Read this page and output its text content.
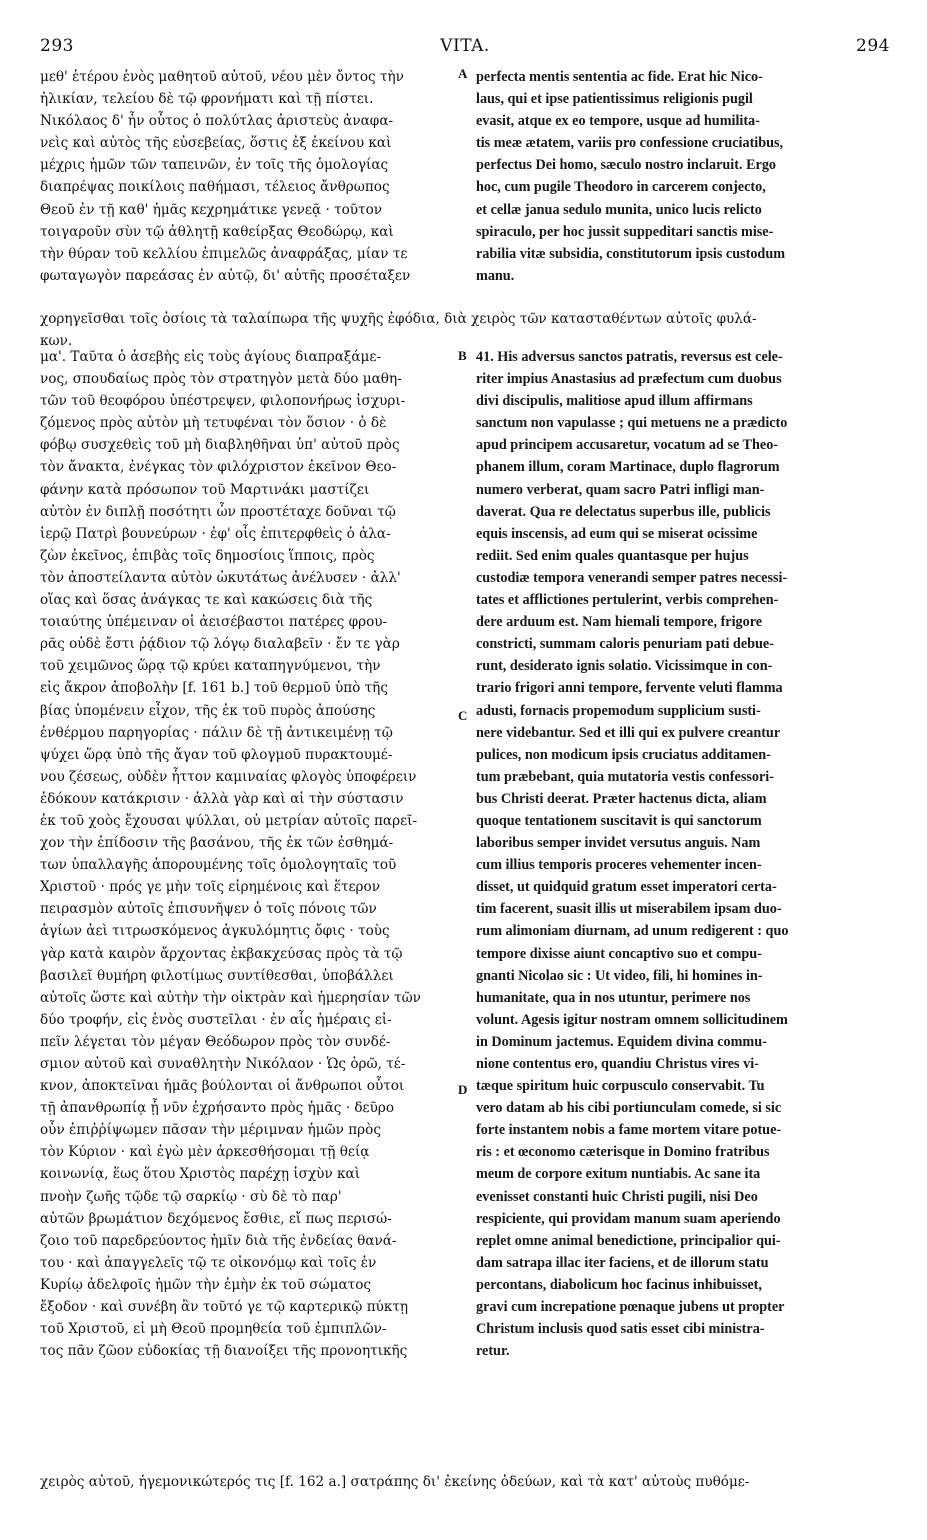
293	VITA.	294
μεθ' ἑτέρου ἑνὸς μαθητοῦ αὐτοῦ, νέου μὲν ὄντος τὴν
ἡλικίαν, τελείου δὲ τῷ φρονήματι καὶ τῇ πίστει.
Νικόλαος δ' ἦν οὗτος ὁ πολύτλας ἀριστεὺς ἀναφα-
νεὶς καὶ αὐτὸς τῆς εὐσεβείας, ὅστις ἐξ ἐκείνου καὶ
μέχρις ἡμῶν τῶν ταπεινῶν, ἐν τοῖς τῆς ὁμολογίας
διαπρέψας ποικίλοις παθήμασι, τέλειος ἄνθρωπος
Θεοῦ ἐν τῇ καθ' ἡμᾶς κεχρημάτικε γενεᾷ · τοῦτον
τοιγαροῦν σὺν τῷ ἀθλητῇ καθείρξας Θεοδώρῳ, καὶ
τὴν θύραν τοῦ κελλίου ἐπιμελῶς ἀναφράξας, μίαν τε
φωταγωγὸν παρεάσας ἐν αὐτῷ, δι' αὐτῆς προσέταξεν
perfecta mentis sententia ac fide. Erat hic Nico-
laus, qui et ipse patientissimus religionis pugil
evasit, atque ex eo tempore, usque ad humilita-
tis meæ ætatem, variis pro confessione cruciatibus,
perfectus Dei homo, sæculo nostro inclaruit. Ergo
hoc, cum pugile Theodoro in carcerem conjecto,
et cellæ janua sedulo munita, unico lucis relicto
spiraculo, per hoc jussit suppeditari sanctis mise-
rabilia vitæ subsidia, constitutorum ipsis custodum
manu.
χορηγεῖσθαι τοῖς ὁσίοις τὰ ταλαίπωρα τῆς ψυχῆς ἐφόδια, διὰ χειρὸς τῶν κατασταθέντων αὐτοῖς φυλά-
κων.
μα'. Ταῦτα ὁ ἀσεβὴς εἰς τοὺς ἁγίους διαπραξάμε-
νος, σπουδαίως πρὸς τὸν στρατηγὸν μετὰ δύο μαθη-
τῶν τοῦ θεοφόρου ὑπέστρεψεν, φιλοπονήρως ἰσχυρι-
ζόμενος πρὸς αὐτὸν μὴ τετυφέναι τὸν ὅσιον · ὁ δὲ
φόβῳ συσχεθεὶς τοῦ μὴ διαβληθῆναι ὑπ' αὐτοῦ πρὸς
τὸν ἄνακτα, ἐνέγκας τὸν φιλόχριστον ἐκεῖνον Θεο-
φάνην κατὰ πρόσωπον τοῦ Μαρτινάκι μαστίζει
αὐτὸν ἐν διπλῇ ποσότητι ὧν προστέταχε δοῦναι τῷ
ἱερῷ Πατρὶ βουνεύρων · ἐφ' οἷς ἐπιτερφθεὶς ὁ ἀλα-
ζὼν ἐκεῖνος, ἐπιβὰς τοῖς δημοσίοις ἵπποις, πρὸς
τὸν ἀποστείλαντα αὐτὸν ὠκυτάτως ἀνέλυσεν · ἀλλ'
οἵας καὶ ὅσας ἀνάγκας τε καὶ κακώσεις διὰ τῆς
τοιαύτης ὑπέμειναν οἱ ἀεισέβαστοι πατέρες φρου-
ρᾶς οὐδὲ ἔστι ῥᾴδιον τῷ λόγῳ διαλαβεῖν · ἔν τε γὰρ
τοῦ χειμῶνος ὥρᾳ τῷ κρύει καταπηγνύμενοι, τὴν
εἰς ἄκρον ἀποβολὴν [f. 161 b.] τοῦ θερμοῦ ὑπὸ τῆς
βίας ὑπομένειν εἶχον, τῆς ἐκ τοῦ πυρὸς ἀπούσης
ἐνθέρμου παρηγορίας · πάλιν δὲ τῇ ἀντικειμένῃ τῷ
ψύχει ὥρᾳ ὑπὸ τῆς ἄγαν τοῦ φλογμοῦ πυρακτουμέ-
νου ζέσεως, οὐδὲν ἧττον καμιναίας φλογὸς ὑποφέρειν
ἐδόκουν κατάκρισιν · ἀλλὰ γὰρ καὶ αἱ τὴν σύστασιν
ἐκ τοῦ χοὸς ἔχουσαι ψύλλαι, οὐ μετρίαν αὐτοῖς παρεῖ-
χον τὴν ἐπίδοσιν τῆς βασάνου, τῆς ἐκ τῶν ἐσθημά-
των ὑπαλλαγῆς ἀπορουμένης τοῖς ὁμολογηταῖς τοῦ
Χριστοῦ · πρός γε μὴν τοῖς εἰρημένοις καὶ ἕτερον
πειρασμὸν αὐτοῖς ἐπισυνῆψεν ὁ τοῖς πόνοις τῶν
ἁγίων ἀεὶ τιτρωσκόμενος ἀγκυλόμητις ὄφις · τοὺς
γὰρ κατὰ καιρὸν ἄρχοντας ἐκβακχεύσας πρὸς τὰ τῷ
βασιλεῖ θυμήρη φιλοτίμως συντίθεσθαι, ὑποβάλλει
αὐτοῖς ὥστε καὶ αὐτὴν τὴν οἰκτρὰν καὶ ἡμερησίαν τῶν
δύο τροφήν, εἰς ἑνὸς συστεῖλαι · ἐν αἷς ἡμέραις εἰ-
πεῖν λέγεται τὸν μέγαν Θεόδωρον πρὸς τὸν συνδέ-
σμιον αὐτοῦ καὶ συναθλητὴν Νικόλαον · Ὡς ὁρῶ, τέ-
κνον, ἀποκτεῖναι ἡμᾶς βούλονται οἱ ἄνθρωποι οὗτοι
τῇ ἀπανθρωπίᾳ ᾗ νῦν ἐχρήσαντο πρὸς ἡμᾶς · δεῦρο
οὖν ἐπιῤῥίψωμεν πᾶσαν τὴν μέριμναν ἡμῶν πρὸς
τὸν Κύριον · καὶ ἐγὼ μὲν ἀρκεσθήσομαι τῇ θείᾳ
κοινωνίᾳ, ἕως ὅτου Χριστὸς παρέχῃ ἰσχὺν καὶ
πνοὴν ζωῆς τῷδε τῷ σαρκίῳ · σὺ δὲ τὸ παρ'
αὐτῶν βρωμάτιον δεχόμενος ἔσθιε, εἴ πως περισώ-
ζοιο τοῦ παρεδρεύοντος ἡμῖν διὰ τῆς ἐνδείας θανά-
του · καὶ ἀπαγγελεῖς τῷ τε οἰκονόμῳ καὶ τοῖς ἐν
Κυρίῳ ἀδελφοῖς ἡμῶν τὴν ἐμὴν ἐκ τοῦ σώματος
ἔξοδον · καὶ συνέβη ἂν τοῦτό γε τῷ καρτερικῷ πύκτῃ
τοῦ Χριστοῦ, εἰ μὴ Θεοῦ προμηθεία τοῦ ἐμπιπλῶν-
τος πᾶν ζῶον εὐδοκίας τῇ διανοίξει τῆς προνοητικῆς
41. His adversus sanctos patratis, reversus est cele-
riter impius Anastasius ad præfectum cum duobus
divi discipulis, malitiose apud illum affirmans
sanctum non vapulasse ; qui metuens ne a prædicto
apud principem accusaretur, vocatum ad se Theo-
phanem illum, coram Martinace, duplo flagrorum
numero verberat, quam sacro Patri infligi man-
daverat. Qua re delectatus superbus ille, publicis
equis inscensis, ad eum qui se miserat ocissime
rediit. Sed enim quales quantasque per hujus
custodiæ tempora venerandi semper patres necessi-
tates et afflictiones pertulerint, verbis comprehen-
dere arduum est. Nam hiemali tempore, frigore
constricti, summam caloris penuriam pati debue-
runt, desiderato ignis solatio. Vicissimque in con-
trario frigori anni tempore, fervente veluti flamma
adusti, fornacis propemodum supplicium susti-
nere videbantur. Sed et illi qui ex pulvere creantur
pulices, non modicum ipsis cruciatus additamen-
tum præbebant, quia mutatoria vestis confessori-
bus Christi deerat. Præter hactenus dicta, aliam
quoque tentationem suscitavit is qui sanctorum
laboribus semper invidet versutus anguis. Nam
cum illius temporis proceres vehementer incen-
disset, ut quidquid gratum esset imperatori certa-
tim facerent, suasit illis ut miserabilem ipsam duo-
rum alimoniam diurnam, ad unum redigerent : quo
tempore dixisse aiunt concaptivo suo et compu-
gnanti Nicolao sic : Ut video, fili, hi homines in-
humanitate, qua in nos utuntur, perimere nos
volunt. Agesis igitur nostram omnem sollicitudinem
in Dominum jactemus. Equidem divina commu-
nione contentus ero, quandiu Christus vires vi-
tæque spiritum huic corpusculo conservabit. Tu
vero datam ab his cibi portiunculam comede, si sic
forte instantem nobis a fame mortem vitare potue-
ris : et œconomo cæterisque in Domino fratribus
meum de corpore exitum nuntiabis. Ac sane ita
evenisset constanti huic Christi pugili, nisi Deo
respiciente, qui providam manum suam aperiendo
replet omne animal benedictione, principalior qui-
dam satrapa illac iter faciens, et de illorum statu
percontans, diabolicum hoc facinus inhibuisset,
gravi cum increpatione pœnaque jubens ut propter
Christum inclusis quod satis esset cibi ministra-
retur.
χειρὸς αὐτοῦ, ἡγεμονικώτερός τις [f. 162 a.] σατράπης δι' ἐκείνης ὁδεύων, καὶ τὰ κατ' αὐτοὺς πυθόμε-
A
B
C
D
